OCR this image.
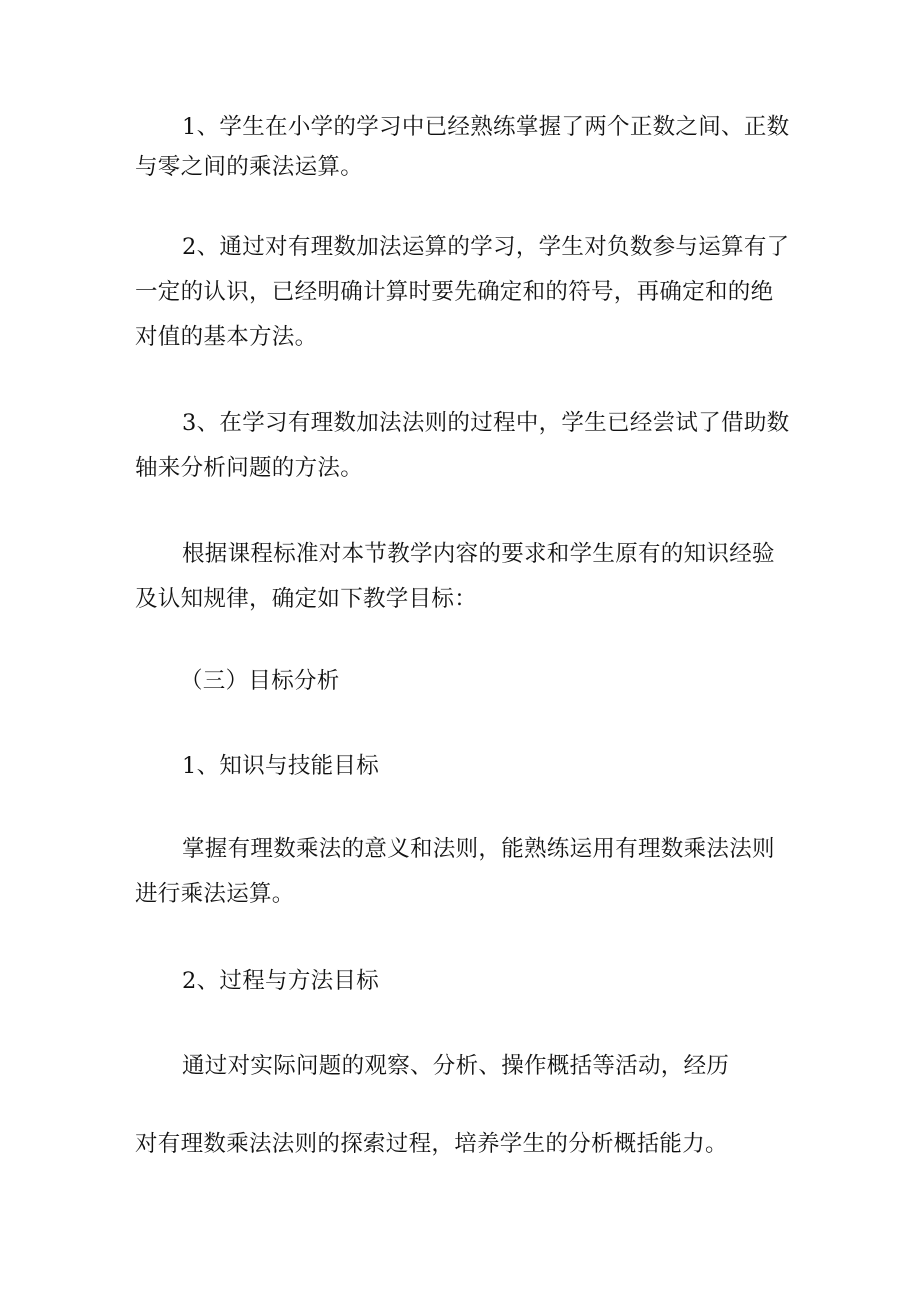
1、学生在小学的学习中已经熟练掌握了两个正数之间、正数
与零之间的乘法运算。
2、通过对有理数加法运算的学习，学生对负数参与运算有了
一定的认识，已经明确计算时要先确定和的符号，再确定和的绝
对值的基本方法。
3、在学习有理数加法法则的过程中，学生已经尝试了借助数
轴来分析问题的方法。
根据课程标准对本节教学内容的要求和学生原有的知识经验
及认知规律，确定如下教学目标：
（三）目标分析
1、知识与技能目标
掌握有理数乘法的意义和法则，能熟练运用有理数乘法法则
进行乘法运算。
2、过程与方法目标
通过对实际问题的观察、分析、操作概括等活动，经历
对有理数乘法法则的探索过程，培养学生的分析概括能力。
